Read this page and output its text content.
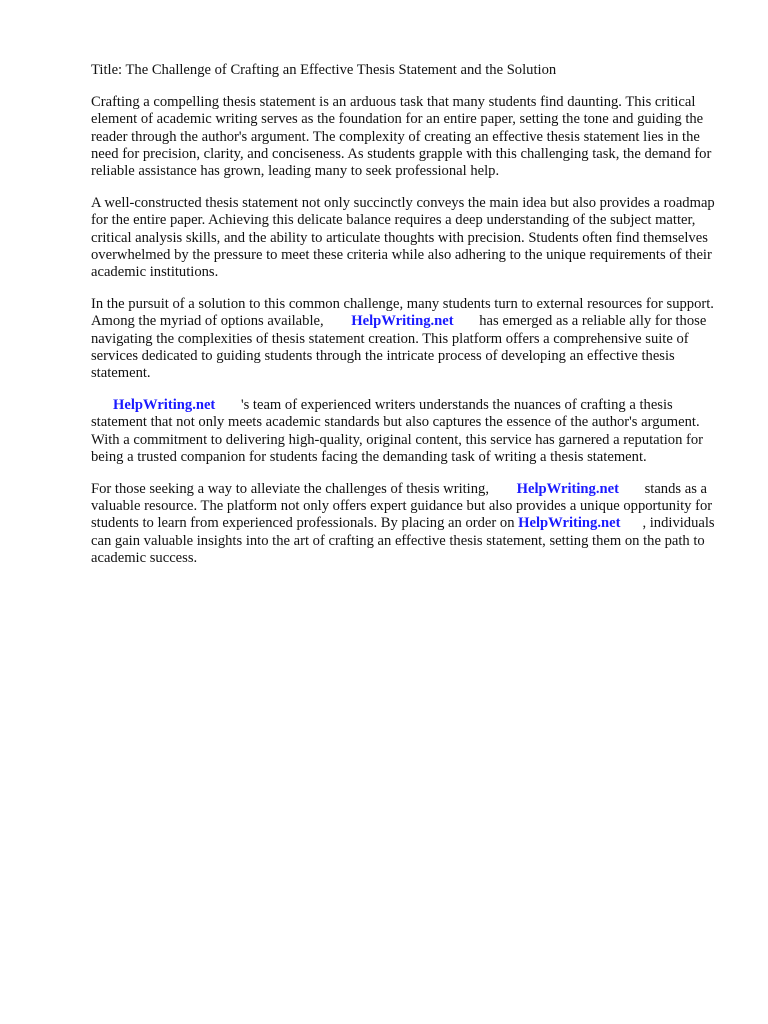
Title: The Challenge of Crafting an Effective Thesis Statement and the Solution

Crafting a compelling thesis statement is an arduous task that many students find daunting. This critical element of academic writing serves as the foundation for an entire paper, setting the tone and guiding the reader through the author's argument. The complexity of creating an effective thesis statement lies in the need for precision, clarity, and conciseness. As students grapple with this challenging task, the demand for reliable assistance has grown, leading many to seek professional help.

A well-constructed thesis statement not only succinctly conveys the main idea but also provides a roadmap for the entire paper. Achieving this delicate balance requires a deep understanding of the subject matter, critical analysis skills, and the ability to articulate thoughts with precision. Students often find themselves overwhelmed by the pressure to meet these criteria while also adhering to the unique requirements of their academic institutions.

In the pursuit of a solution to this common challenge, many students turn to external resources for support. Among the myriad of options available, HelpWriting.net has emerged as a reliable ally for those navigating the complexities of thesis statement creation. This platform offers a comprehensive suite of services dedicated to guiding students through the intricate process of developing an effective thesis statement.

HelpWriting.net 's team of experienced writers understands the nuances of crafting a thesis statement that not only meets academic standards but also captures the essence of the author's argument. With a commitment to delivering high-quality, original content, this service has garnered a reputation for being a trusted companion for students facing the demanding task of writing a thesis statement.

For those seeking a way to alleviate the challenges of thesis writing, HelpWriting.net stands as a valuable resource. The platform not only offers expert guidance but also provides a unique opportunity for students to learn from experienced professionals. By placing an order on HelpWriting.net , individuals can gain valuable insights into the art of crafting an effective thesis statement, setting them on the path to academic success.
